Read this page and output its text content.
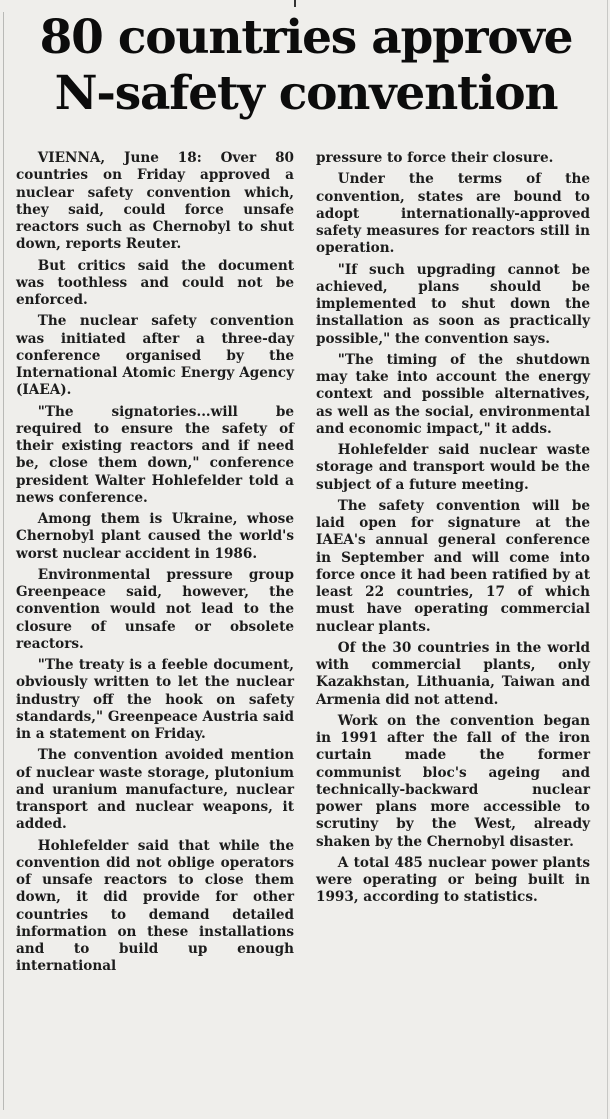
80 countries approve
N-safety convention

VIENNA, June 18: Over 80 countries on Friday approved a nuclear safety convention which, they said, could force unsafe reactors such as Chernobyl to shut down, reports Reuter.

But critics said the document was toothless and could not be enforced.

The nuclear safety convention was initiated after a three-day conference organised by the International Atomic Energy Agency (IAEA).

"The signatories...will be required to ensure the safety of their existing reactors and if need be, close them down," conference president Walter Hohlefelder told a news conference.

Among them is Ukraine, whose Chernobyl plant caused the world's worst nuclear accident in 1986.

Environmental pressure group Greenpeace said, however, the convention would not lead to the closure of unsafe or obsolete reactors.

"The treaty is a feeble document, obviously written to let the nuclear industry off the hook on safety standards," Greenpeace Austria said in a statement on Friday.

The convention avoided mention of nuclear waste storage, plutonium and uranium manufacture, nuclear transport and nuclear weapons, it added.

Hohlefelder said that while the convention did not oblige operators of unsafe reactors to close them down, it did provide for other countries to demand detailed information on these installations and to build up enough international

pressure to force their closure.

Under the terms of the convention, states are bound to adopt internationally-approved safety measures for reactors still in operation.

"If such upgrading cannot be achieved, plans should be implemented to shut down the installation as soon as practically possible," the convention says.

"The timing of the shutdown may take into account the energy context and possible alternatives, as well as the social, environmental and economic impact," it adds.

Hohlefelder said nuclear waste storage and transport would be the subject of a future meeting.

The safety convention will be laid open for signature at the IAEA's annual general conference in September and will come into force once it had been ratified by at least 22 countries, 17 of which must have operating commercial nuclear plants.

Of the 30 countries in the world with commercial plants, only Kazakhstan, Lithuania, Taiwan and Armenia did not attend.

Work on the convention began in 1991 after the fall of the iron curtain made the former communist bloc's ageing and technically-backward nuclear power plans more accessible to scrutiny by the West, already shaken by the Chernobyl disaster.

A total 485 nuclear power plants were operating or being built in 1993, according to statistics.
